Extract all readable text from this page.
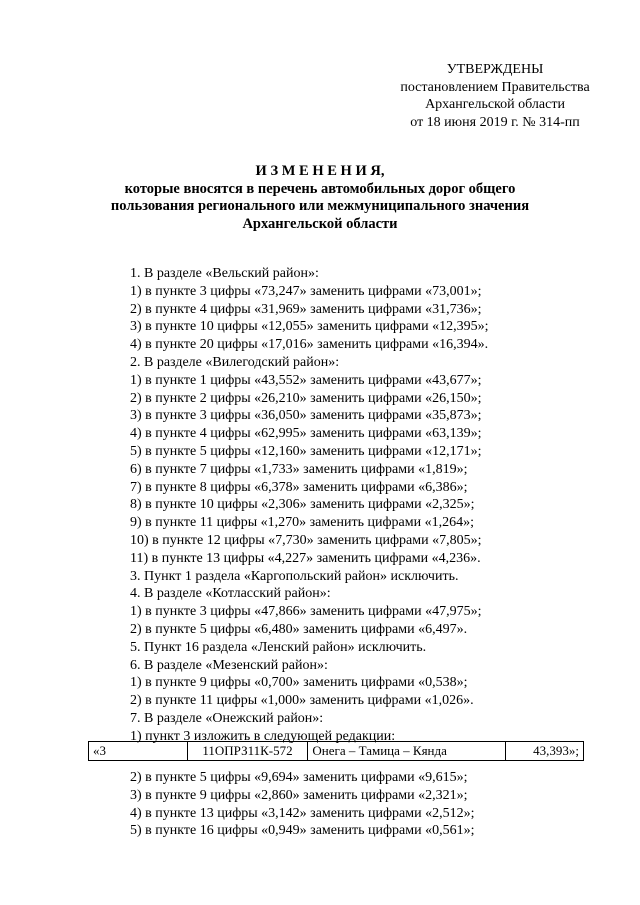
УТВЕРЖДЕНЫ
постановлением Правительства
Архангельской области
от 18 июня 2019 г. № 314-пп
И З М Е Н Е Н И Я,
которые вносятся в перечень автомобильных дорог общего
пользования регионального или межмуниципального значения
Архангельской области
1. В разделе «Вельский район»:
1) в пункте 3 цифры «73,247» заменить цифрами «73,001»;
2) в пункте 4 цифры «31,969» заменить цифрами «31,736»;
3) в пункте 10 цифры «12,055» заменить цифрами «12,395»;
4) в пункте 20 цифры «17,016» заменить цифрами «16,394».
2. В разделе «Вилегодский район»:
1) в пункте 1 цифры «43,552» заменить цифрами «43,677»;
2) в пункте 2 цифры «26,210» заменить цифрами «26,150»;
3) в пункте 3 цифры «36,050» заменить цифрами «35,873»;
4) в пункте 4 цифры «62,995» заменить цифрами «63,139»;
5) в пункте 5 цифры «12,160» заменить цифрами «12,171»;
6) в пункте 7 цифры «1,733» заменить цифрами «1,819»;
7) в пункте 8 цифры «6,378» заменить цифрами «6,386»;
8) в пункте 10 цифры «2,306» заменить цифрами «2,325»;
9) в пункте 11 цифры «1,270» заменить цифрами «1,264»;
10) в пункте 12 цифры «7,730» заменить цифрами «7,805»;
11) в пункте 13 цифры «4,227» заменить цифрами «4,236».
3. Пункт 1 раздела «Каргопольский район» исключить.
4. В разделе «Котласский район»:
1) в пункте 3 цифры «47,866» заменить цифрами «47,975»;
2) в пункте 5 цифры «6,480» заменить цифрами «6,497».
5. Пункт 16 раздела «Ленский район» исключить.
6. В разделе «Мезенский район»:
1) в пункте 9 цифры «0,700» заменить цифрами «0,538»;
2) в пункте 11 цифры «1,000» заменить цифрами «1,026».
7. В разделе «Онежский район»:
1) пункт 3 изложить в следующей редакции:
«3	11ОПРЗ11К-572	Онега – Тамица – Кянда	43,393»;
2) в пункте 5 цифры «9,694» заменить цифрами «9,615»;
3) в пункте 9 цифры «2,860» заменить цифрами «2,321»;
4) в пункте 13 цифры «3,142» заменить цифрами «2,512»;
5) в пункте 16 цифры «0,949» заменить цифрами «0,561»;
